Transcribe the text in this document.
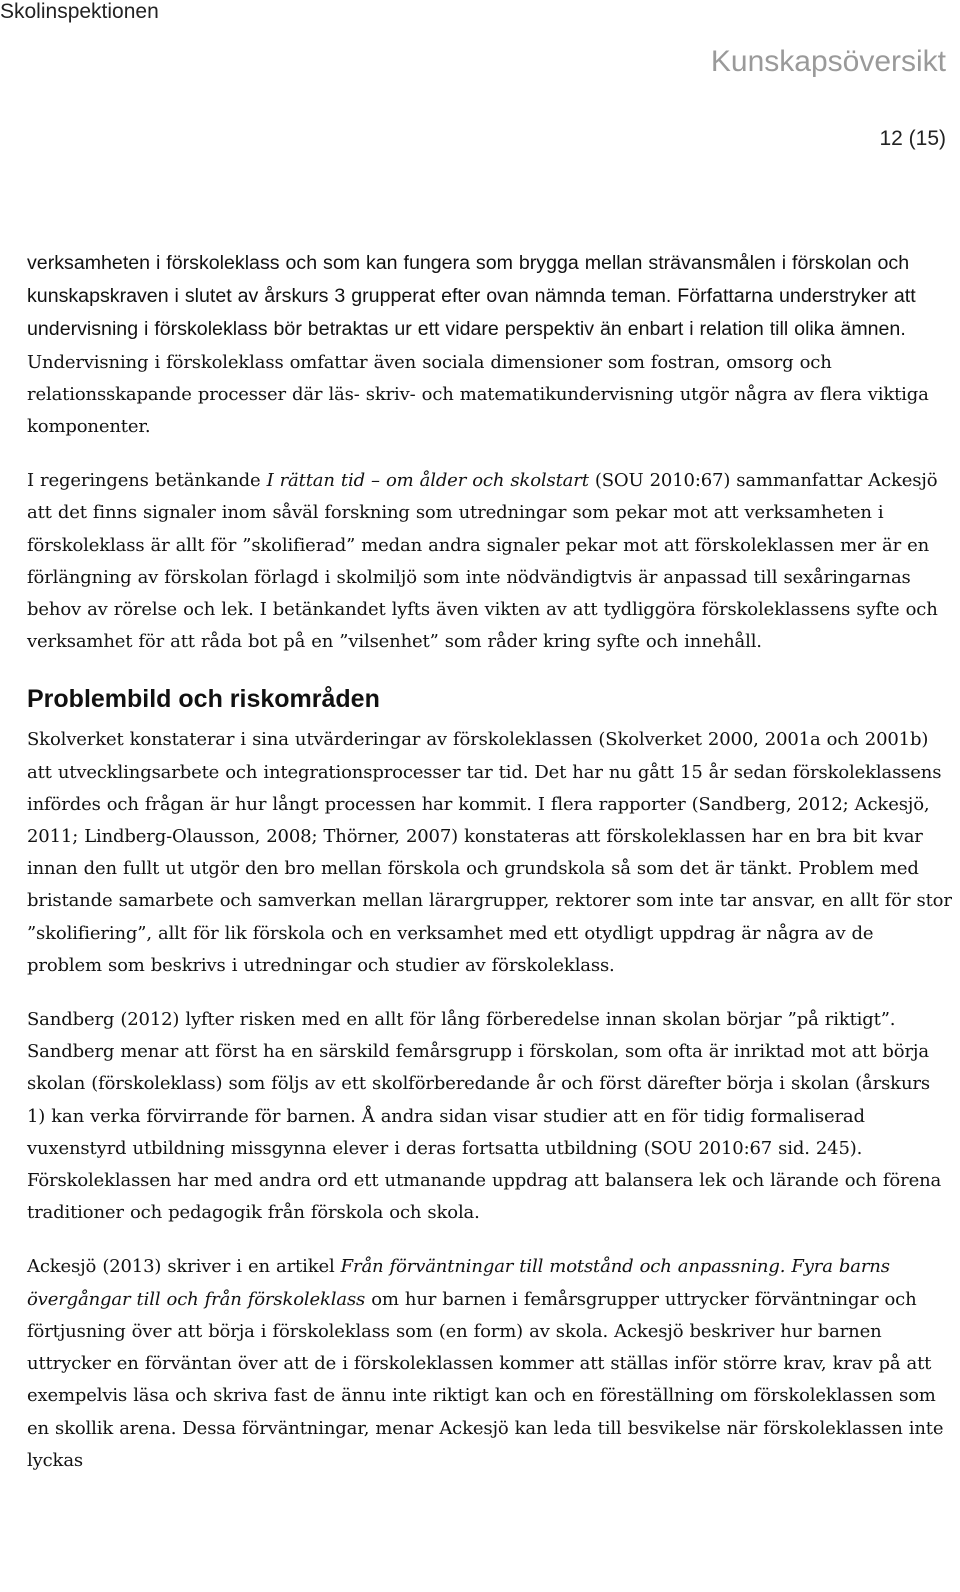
Skolinspektionen
Kunskapsöversikt
12 (15)

verksamheten i förskoleklass och som kan fungera som brygga mellan strävansmålen i förskolan och kunskapskraven i slutet av årskurs 3 grupperat efter ovan nämnda teman. Författarna understryker att undervisning i förskoleklass bör betraktas ur ett vidare perspektiv än enbart i relation till olika ämnen. Undervisning i förskoleklass omfattar även sociala dimensioner som fostran, omsorg och relationsskapande processer där läs- skriv- och matematikundervisning utgör några av flera viktiga komponenter.

I regeringens betänkande I rättan tid – om ålder och skolstart (SOU 2010:67) sammanfattar Ackesjö att det finns signaler inom såväl forskning som utredningar som pekar mot att verksamheten i förskoleklass är allt för ”skolifierad” medan andra signaler pekar mot att förskoleklassen mer är en förlängning av förskolan förlagd i skolmiljö som inte nödvändigtvis är anpassad till sexåringarnas behov av rörelse och lek. I betänkandet lyfts även vikten av att tydliggöra förskoleklassens syfte och verksamhet för att råda bot på en ”vilsenhet” som råder kring syfte och innehåll.

Problembild och riskområden

Skolverket konstaterar i sina utvärderingar av förskoleklassen (Skolverket 2000, 2001a och 2001b) att utvecklingsarbete och integrationsprocesser tar tid. Det har nu gått 15 år sedan förskoleklassens infördes och frågan är hur långt processen har kommit. I flera rapporter (Sandberg, 2012; Ackesjö, 2011; Lindberg-Olausson, 2008; Thörner, 2007) konstateras att förskoleklassen har en bra bit kvar innan den fullt ut utgör den bro mellan förskola och grundskola så som det är tänkt. Problem med bristande samarbete och samverkan mellan lärargrupper, rektorer som inte tar ansvar, en allt för stor ”skolifiering”, allt för lik förskola och en verksamhet med ett otydligt uppdrag är några av de problem som beskrivs i utredningar och studier av förskoleklass.

Sandberg (2012) lyfter risken med en allt för lång förberedelse innan skolan börjar ”på riktigt”. Sandberg menar att först ha en särskild femårsgrupp i förskolan, som ofta är inriktad mot att börja skolan (förskoleklass) som följs av ett skolförberedande år och först därefter börja i skolan (årskurs 1) kan verka förvirrande för barnen. Å andra sidan visar studier att en för tidig formaliserad vuxenstyrd utbildning missgynna elever i deras fortsatta utbildning (SOU 2010:67 sid. 245). Förskoleklassen har med andra ord ett utmanande uppdrag att balansera lek och lärande och förena traditioner och pedagogik från förskola och skola.

Ackesjö (2013) skriver i en artikel Från förväntningar till motstånd och anpassning. Fyra barns övergångar till och från förskoleklass om hur barnen i femårsgrupper uttrycker förväntningar och förtjusning över att börja i förskoleklass som (en form) av skola. Ackesjö beskriver hur barnen uttrycker en förväntan över att de i förskoleklassen kommer att ställas inför större krav, krav på att exempelvis läsa och skriva fast de ännu inte riktigt kan och en föreställning om förskoleklassen som en skollik arena. Dessa förväntningar, menar Ackesjö kan leda till besvikelse när förskoleklassen inte lyckas
